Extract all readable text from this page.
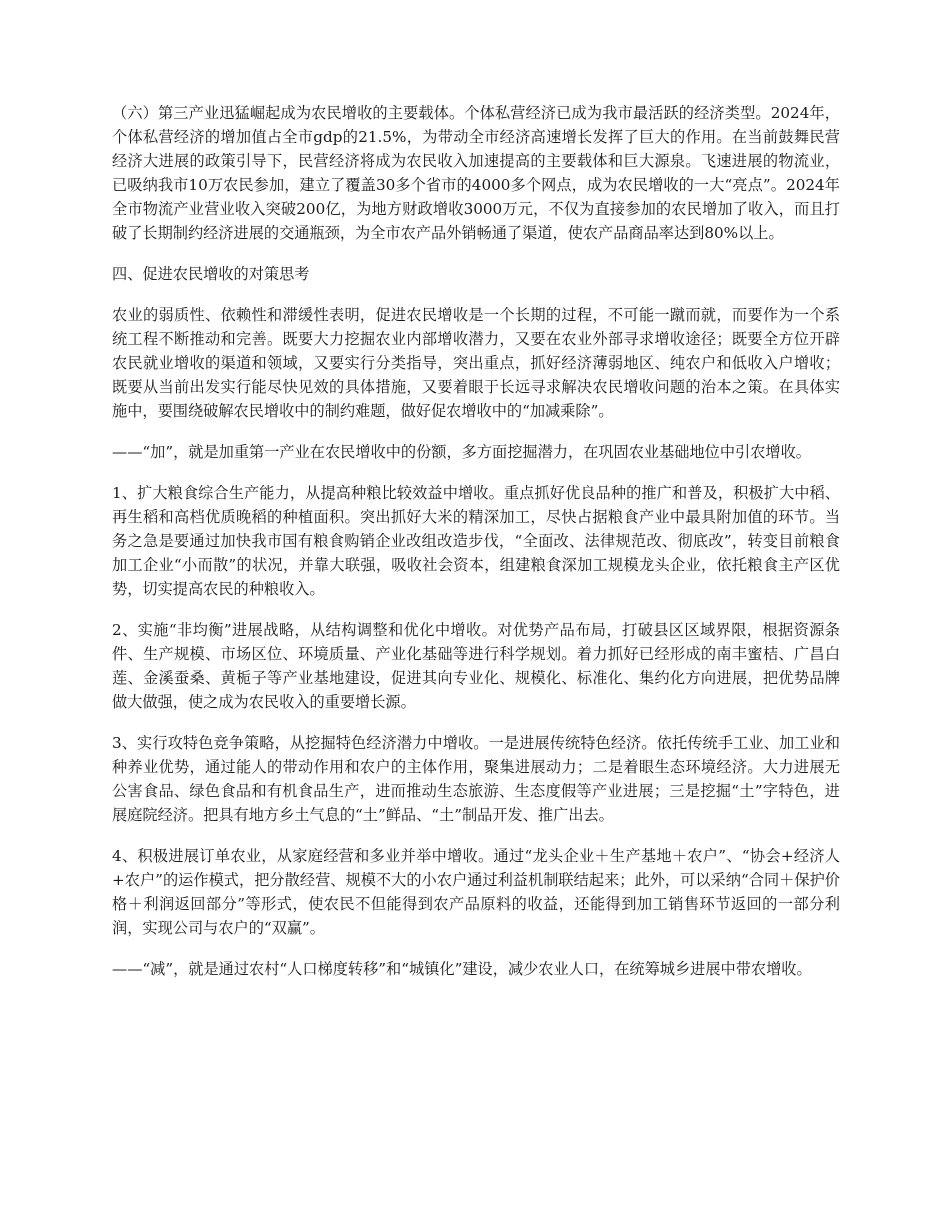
（六）第三产业迅猛崛起成为农民增收的主要载体。个体私营经济已成为我市最活跃的经济类型。2024年，个体私营经济的增加值占全市gdp的21.5%，为带动全市经济高速增长发挥了巨大的作用。在当前鼓舞民营经济大进展的政策引导下，民营经济将成为农民收入加速提高的主要载体和巨大源泉。飞速进展的物流业，已吸纳我市10万农民参加，建立了覆盖30多个省市的4000多个网点，成为农民增收的一大“亮点”。2024年全市物流产业营业收入突破200亿，为地方财政增收3000万元，不仅为直接参加的农民增加了收入，而且打破了长期制约经济进展的交通瓶颈，为全市农产品外销畅通了渠道，使农产品商品率达到80%以上。

四、促进农民增收的对策思考

农业的弱质性、依赖性和滞缓性表明，促进农民增收是一个长期的过程，不可能一蹴而就，而要作为一个系统工程不断推动和完善。既要大力挖掘农业内部增收潜力，又要在农业外部寻求增收途径；既要全方位开辟农民就业增收的渠道和领域，又要实行分类指导，突出重点，抓好经济薄弱地区、纯农户和低收入户增收；既要从当前出发实行能尽快见效的具体措施，又要着眼于长远寻求解决农民增收问题的治本之策。在具体实施中，要围绕破解农民增收中的制约难题，做好促农增收中的“加减乘除”。

——“加”，就是加重第一产业在农民增收中的份额，多方面挖掘潜力，在巩固农业基础地位中引农增收。

1、扩大粮食综合生产能力，从提高种粮比较效益中增收。重点抓好优良品种的推广和普及，积极扩大中稻、再生稻和高档优质晚稻的种植面积。突出抓好大米的精深加工，尽快占据粮食产业中最具附加值的环节。当务之急是要通过加快我市国有粮食购销企业改组改造步伐，“全面改、法律规范改、彻底改”，转变目前粮食加工企业“小而散”的状况，并靠大联强，吸收社会资本，组建粮食深加工规模龙头企业，依托粮食主产区优势，切实提高农民的种粮收入。

2、实施“非均衡”进展战略，从结构调整和优化中增收。对优势产品布局，打破县区区域界限，根据资源条件、生产规模、市场区位、环境质量、产业化基础等进行科学规划。着力抓好已经形成的南丰蜜桔、广昌白莲、金溪蚕桑、黄栀子等产业基地建设，促进其向专业化、规模化、标准化、集约化方向进展，把优势品牌做大做强，使之成为农民收入的重要增长源。

3、实行攻特色竞争策略，从挖掘特色经济潜力中增收。一是进展传统特色经济。依托传统手工业、加工业和种养业优势，通过能人的带动作用和农户的主体作用，聚集进展动力；二是着眼生态环境经济。大力进展无公害食品、绿色食品和有机食品生产，进而推动生态旅游、生态度假等产业进展；三是挖掘“土”字特色，进展庭院经济。把具有地方乡土气息的“土”鲜品、“土”制品开发、推广出去。

4、积极进展订单农业，从家庭经营和多业并举中增收。通过“龙头企业＋生产基地＋农户”、“协会+经济人+农户”的运作模式，把分散经营、规模不大的小农户通过利益机制联结起来；此外，可以采纳“合同＋保护价格＋利润返回部分”等形式，使农民不但能得到农产品原料的收益，还能得到加工销售环节返回的一部分利润，实现公司与农户的“双赢”。

——“减”，就是通过农村“人口梯度转移”和“城镇化”建设，减少农业人口，在统筹城乡进展中带农增收。
